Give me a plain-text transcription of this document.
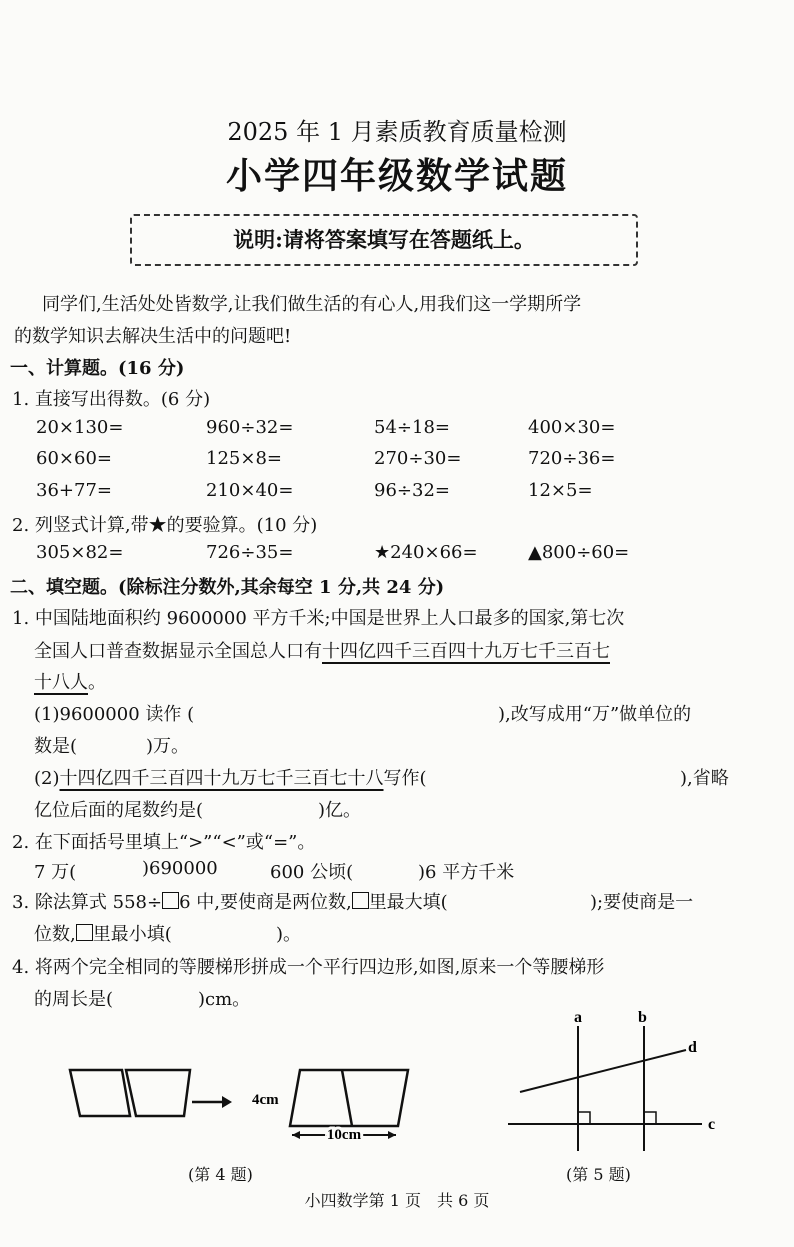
2025 年 1 月素质教育质量检测
小学四年级数学试题
说明:请将答案填写在答题纸上。
同学们,生活处处皆数学,让我们做生活的有心人,用我们这一学期所学
的数学知识去解决生活中的问题吧!
一、计算题。(16 分)
1. 直接写出得数。(6 分)
20×130=	960÷32=	54÷18=	400×30=
60×60=	125×8=	270÷30=	720÷36=
36+77=	210×40=	96÷32=	12×5=
2. 列竖式计算,带★的要验算。(10 分)
305×82=	726÷35=	★240×66=	▲800÷60=
二、填空题。(除标注分数外,其余每空 1 分,共 24 分)
1. 中国陆地面积约 9600000 平方千米;中国是世界上人口最多的国家,第七次
全国人口普查数据显示全国总人口有十四亿四千三百四十九万七千三百七
十八人。
(1)9600000 读作 (	),改写成用“万”做单位的
数是(	)万。
(2)十四亿四千三百四十九万七千三百七十八写作(	),省略
亿位后面的尾数约是(	)亿。
2. 在下面括号里填上“>”“<”或“=”。
7 万(	)690000	600 公顷(	)6 平方千米
3. 除法算式 558÷ 6 中,要使商是两位数, 里最大填(	);要使商是一
位数, 里最小填(	)。
4. 将两个完全相同的等腰梯形拼成一个平行四边形,如图,原来一个等腰梯形
的周长是(	)cm。
4cm
10cm
(第 4 题)
a	b
c
d
(第 5 题)
小四数学第 1 页　共 6 页
